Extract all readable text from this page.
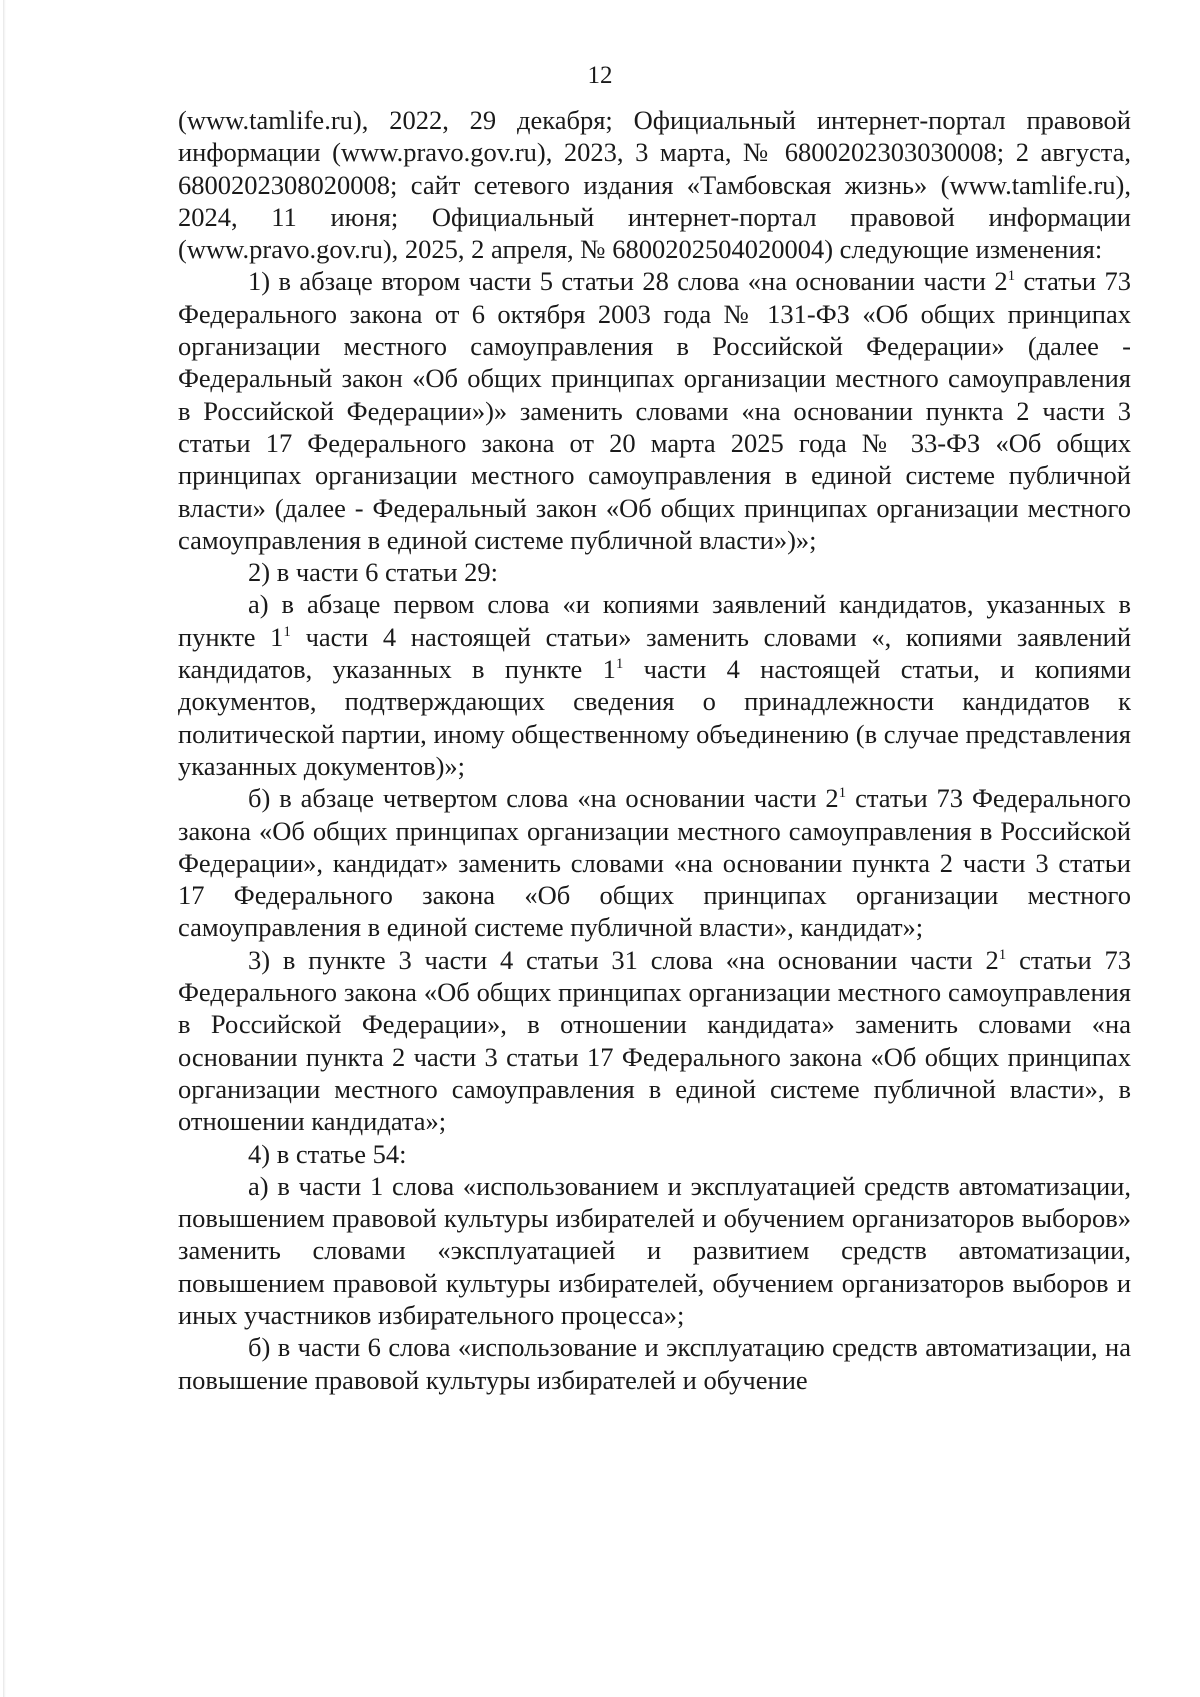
12

(www.tamlife.ru), 2022, 29 декабря; Официальный интернет-портал правовой информации (www.pravo.gov.ru), 2023, 3 марта, № 6800202303030008; 2 августа, 6800202308020008; сайт сетевого издания «Тамбовская жизнь» (www.tamlife.ru), 2024, 11 июня; Официальный интернет-портал правовой информации (www.pravo.gov.ru), 2025, 2 апреля, № 6800202504020004) следующие изменения:

1) в абзаце втором части 5 статьи 28 слова «на основании части $2^1$ статьи 73 Федерального закона от 6 октября 2003 года № 131-ФЗ «Об общих принципах организации местного самоуправления в Российской Федерации» (далее - Федеральный закон «Об общих принципах организации местного самоуправления в Российской Федерации»)» заменить словами «на основании пункта 2 части 3 статьи 17 Федерального закона от 20 марта 2025 года № 33-ФЗ «Об общих принципах организации местного самоуправления в единой системе публичной власти» (далее - Федеральный закон «Об общих принципах организации местного самоуправления в единой системе публичной власти»)»;

2) в части 6 статьи 29:

а) в абзаце первом слова «и копиями заявлений кандидатов, указанных в пункте $1^1$ части 4 настоящей статьи» заменить словами «, копиями заявлений кандидатов, указанных в пункте $1^1$ части 4 настоящей статьи, и копиями документов, подтверждающих сведения о принадлежности кандидатов к политической партии, иному общественному объединению (в случае представления указанных документов)»;

б) в абзаце четвертом слова «на основании части $2^1$ статьи 73 Федерального закона «Об общих принципах организации местного самоуправления в Российской Федерации», кандидат» заменить словами «на основании пункта 2 части 3 статьи 17 Федерального закона «Об общих принципах организации местного самоуправления в единой системе публичной власти», кандидат»;

3) в пункте 3 части 4 статьи 31 слова «на основании части $2^1$ статьи 73 Федерального закона «Об общих принципах организации местного самоуправления в Российской Федерации», в отношении кандидата» заменить словами «на основании пункта 2 части 3 статьи 17 Федерального закона «Об общих принципах организации местного самоуправления в единой системе публичной власти», в отношении кандидата»;

4) в статье 54:

а) в части 1 слова «использованием и эксплуатацией средств автоматизации, повышением правовой культуры избирателей и обучением организаторов выборов» заменить словами «эксплуатацией и развитием средств автоматизации, повышением правовой культуры избирателей, обучением организаторов выборов и иных участников избирательного процесса»;

б) в части 6 слова «использование и эксплуатацию средств автоматизации, на повышение правовой культуры избирателей и обучение
